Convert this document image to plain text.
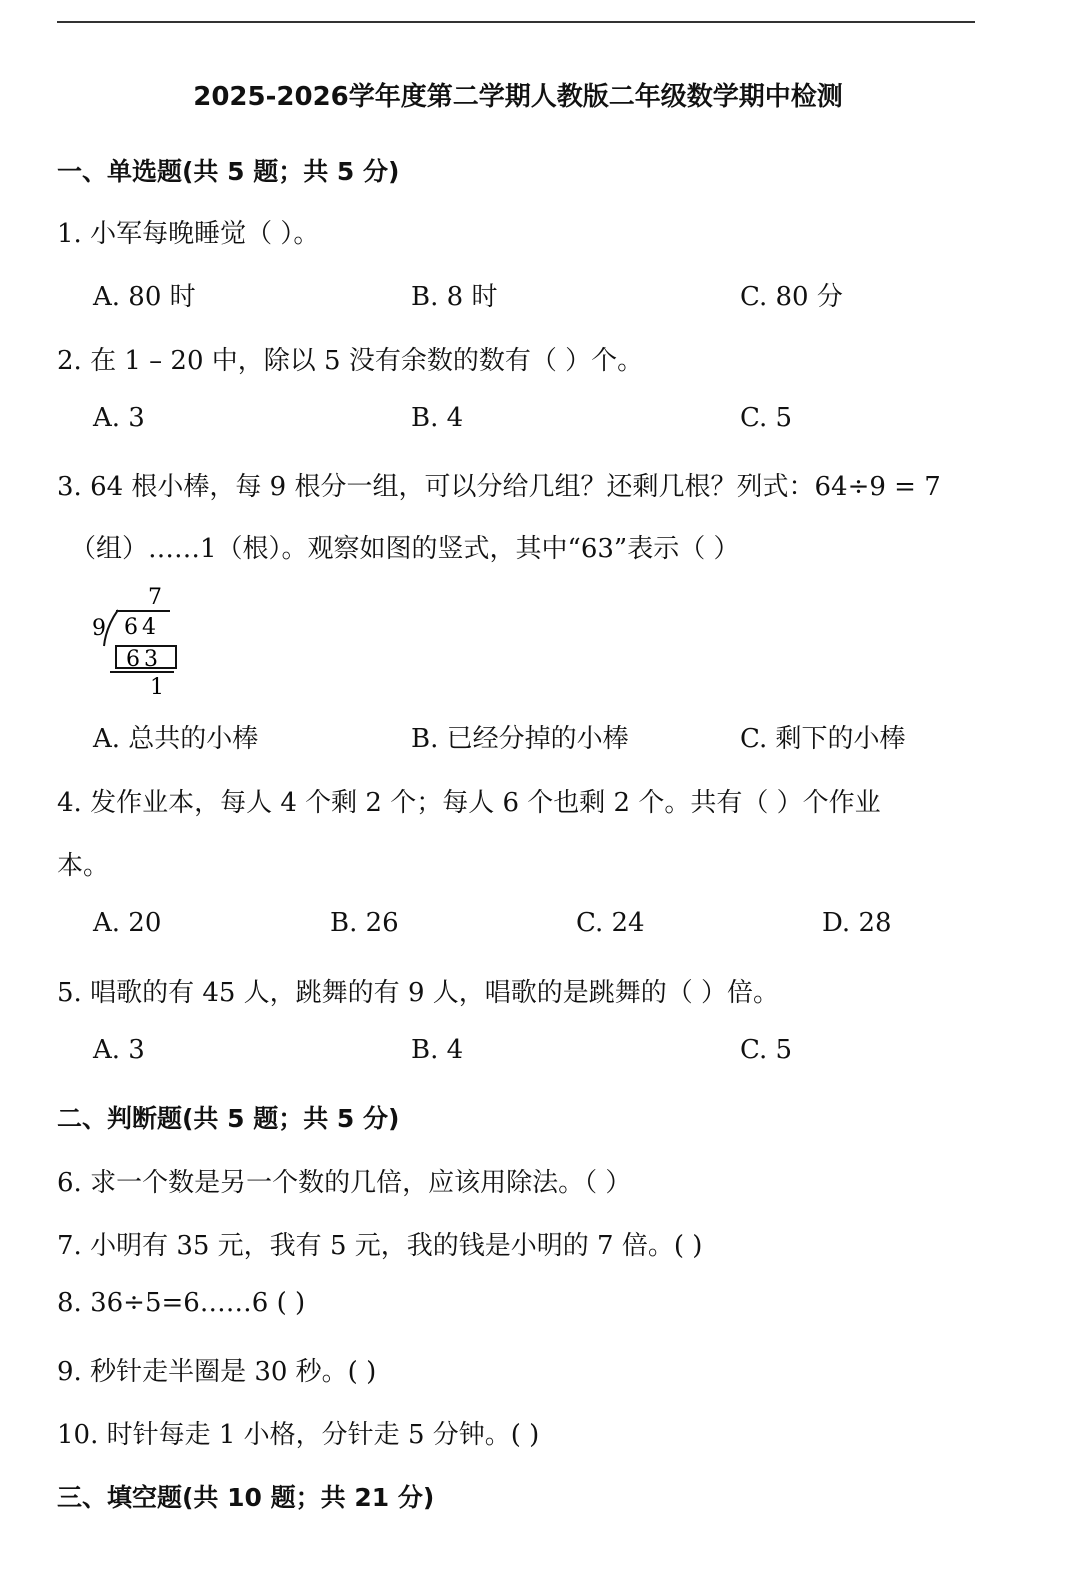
2025-2026学年度第二学期人教版二年级数学期中检测
一、单选题(共 5 题；共 5 分)
1. 小军每晚睡觉（ ）。
A. 80 时	B. 8 时	C. 80 分
2. 在 1 – 20 中，除以 5 没有余数的数有（ ）个。
A. 3	B. 4	C. 5
3. 64 根小棒，每 9 根分一组，可以分给几组？还剩几根？列式：64÷9 = 7
（组）……1（根）。观察如图的竖式，其中“63”表示（ ）
7
9 64
63
1
A. 总共的小棒	B. 已经分掉的小棒	C. 剩下的小棒
4. 发作业本，每人 4 个剩 2 个；每人 6 个也剩 2 个。共有（ ）个作业
本。
A. 20	B. 26	C. 24	D. 28
5. 唱歌的有 45 人，跳舞的有 9 人，唱歌的是跳舞的（ ）倍。
A. 3	B. 4	C. 5
二、判断题(共 5 题；共 5 分)
6. 求一个数是另一个数的几倍，应该用除法。（ ）
7. 小明有 35 元，我有 5 元，我的钱是小明的 7 倍。( )
8. 36÷5=6……6 ( )
9. 秒针走半圈是 30 秒。( )
10. 时针每走 1 小格，分针走 5 分钟。( )
三、填空题(共 10 题；共 21 分)
